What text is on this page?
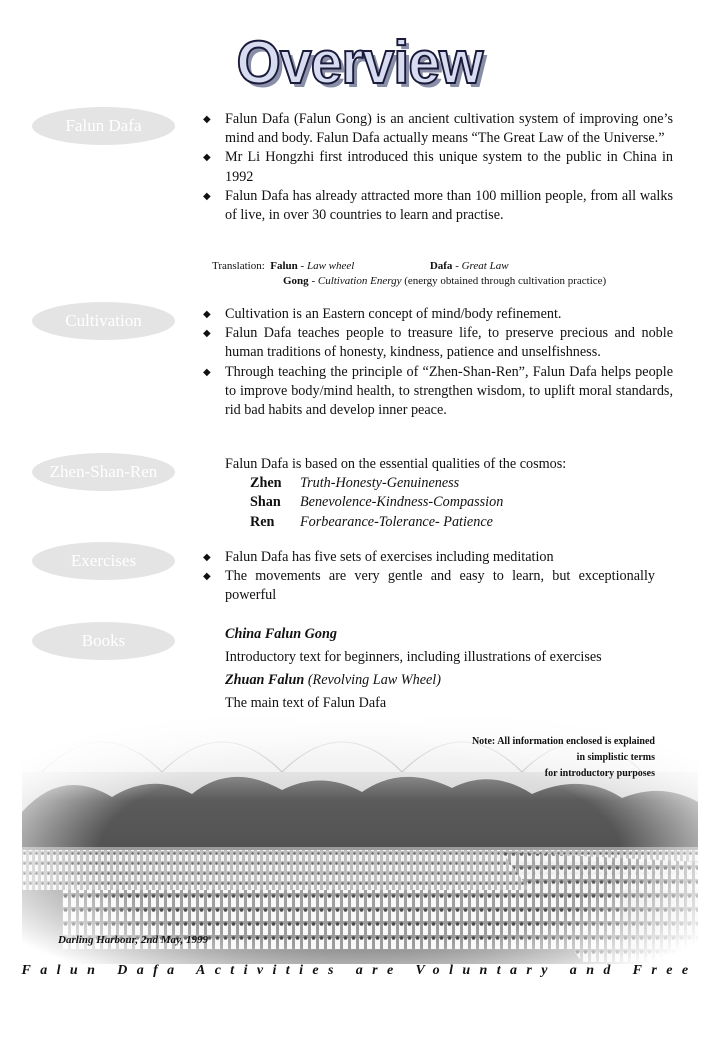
Overview
Falun Dafa	◆ Falun Dafa (Falun Gong) is an ancient cultivation system of improving one’s mind and body. Falun Dafa actually means “The Great Law of the Universe.”
◆ Mr Li Hongzhi first introduced this unique system to the public in China in 1992
◆ Falun Dafa has already attracted more than 100 million people, from all walks of live, in over 30 countries to learn and practise.
Translation: Falun - Law wheel	Dafa - Great Law
Gong - Cultivation Energy (energy obtained through cultivation practice)
Cultivation	◆ Cultivation is an Eastern concept of mind/body refinement.
◆ Falun Dafa teaches people to treasure life, to preserve precious and noble human traditions of honesty, kindness, patience and unselfishness.
◆ Through teaching the principle of “Zhen-Shan-Ren”, Falun Dafa helps people to improve body/mind health, to strengthen wisdom, to uplift moral standards, rid bad habits and develop inner peace.
Zhen-Shan-Ren	Falun Dafa is based on the essential qualities of the cosmos:
Zhen Truth-Honesty-Genuineness
Shan Benevolence-Kindness-Compassion
Ren Forbearance-Tolerance- Patience
Exercises	◆ Falun Dafa has five sets of exercises including meditation
◆ The movements are very gentle and easy to learn, but exceptionally powerful
Books	China Falun Gong
Introductory text for beginners, including illustrations of exercises
Zhuan Falun (Revolving Law Wheel)
The main text of Falun Dafa
Note: All information enclosed is explained
in simplistic terms
for introductory purposes
Darling Harbour, 2nd May, 1999
Falun Dafa Activities are Voluntary and Free
